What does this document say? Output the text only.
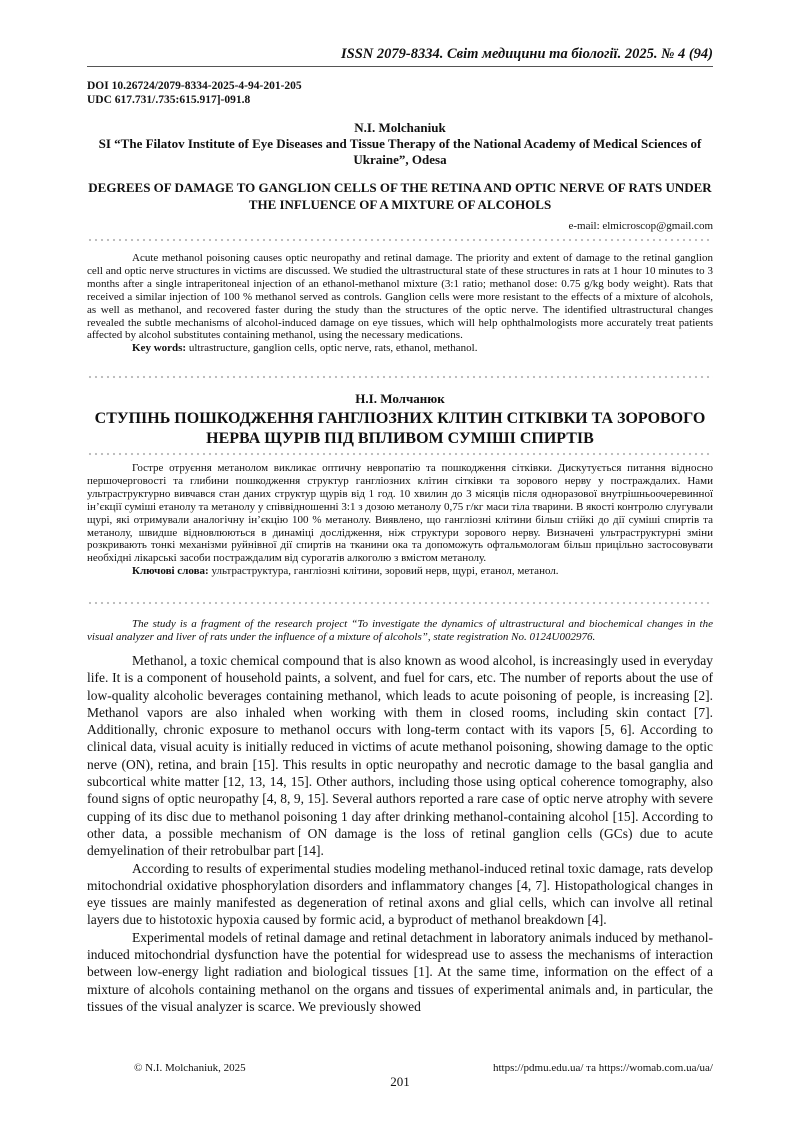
ISSN 2079-8334. Світ медицини та біології. 2025. № 4 (94)
DOI 10.26724/2079-8334-2025-4-94-201-205
UDC 617.731/.735:615.917]-091.8
N.I. Molchaniuk
SI “The Filatov Institute of Eye Diseases and Tissue Therapy of the National Academy of Medical Sciences of Ukraine”, Odesa
DEGREES OF DAMAGE TO GANGLION CELLS OF THE RETINA AND OPTIC NERVE OF RATS UNDER THE INFLUENCE OF A MIXTURE OF ALCOHOLS
e-mail: elmicroscop@gmail.com

Acute methanol poisoning causes optic neuropathy and retinal damage. The priority and extent of damage to the retinal ganglion cell and optic nerve structures in victims are discussed. We studied the ultrastructural state of these structures in rats at 1 hour 10 minutes to 3 months after a single intraperitoneal injection of an ethanol-methanol mixture (3:1 ratio; methanol dose: 0.75 g/kg body weight). Rats that received a similar injection of 100 % methanol served as controls. Ganglion cells were more resistant to the effects of a mixture of alcohols, as well as methanol, and recovered faster during the study than the structures of the optic nerve. The identified ultrastructural changes revealed the subtle mechanisms of alcohol-induced damage on eye tissues, which will help ophthalmologists more accurately treat patients affected by alcohol substitutes containing methanol, using the necessary medications.

Key words: ultrastructure, ganglion cells, optic nerve, rats, ethanol, methanol.

Н.І. Молчанюк
СТУПІНЬ ПОШКОДЖЕННЯ ГАНГЛІОЗНИХ КЛІТИН СІТКІВКИ ТА ЗОРОВОГО НЕРВА ЩУРІВ ПІД ВПЛИВОМ СУМІШІ СПИРТІВ

Гостре отруєння метанолом викликає оптичну невропатію та пошкодження сітківки. Дискутується питання відносно першочерговості та глибини пошкодження структур гангліозних клітин сітківки та зорового нерву у постраждалих. Нами ультраструктурно вивчався стан даних структур щурів від 1 год. 10 хвилин до 3 місяців після одноразової внутрішньоочеревинної ін’єкції суміші етанолу та метанолу у співвідношенні 3:1 з дозою метанолу 0,75 г/кг маси тіла тварини. В якості контролю слугували щурі, які отримували аналогічну ін’єкцію 100 % метанолу. Виявлено, що гангліозні клітини більш стійкі до дії суміші спиртів та метанолу, швидше відновлюються в динаміці дослідження, ніж структури зорового нерву. Визначені ультраструктурні зміни розкривають тонкі механізми руйнівної дії спиртів на тканини ока та допоможуть офтальмологам більш прицільно застосовувати необхідні лікарські засоби постраждалим від сурогатів алкоголю з вмістом метанолу.

Ключові слова: ультраструктура, гангліозні клітини, зоровий нерв, щурі, етанол, метанол.

The study is a fragment of the research project “To investigate the dynamics of ultrastructural and biochemical changes in the visual analyzer and liver of rats under the influence of a mixture of alcohols”, state registration No. 0124U002976.

Methanol, a toxic chemical compound that is also known as wood alcohol, is increasingly used in everyday life. It is a component of household paints, a solvent, and fuel for cars, etc. The number of reports about the use of low-quality alcoholic beverages containing methanol, which leads to acute poisoning of people, is increasing [2]. Methanol vapors are also inhaled when working with them in closed rooms, including skin contact [7]. Additionally, chronic exposure to methanol occurs with long-term contact with its vapors [5, 6]. According to clinical data, visual acuity is initially reduced in victims of acute methanol poisoning, showing damage to the optic nerve (ON), retina, and brain [15]. This results in optic neuropathy and necrotic damage to the basal ganglia and subcortical white matter [12, 13, 14, 15]. Other authors, including those using optical coherence tomography, also found signs of optic neuropathy [4, 8, 9, 15]. Several authors reported a rare case of optic nerve atrophy with severe cupping of its disc due to methanol poisoning 1 day after drinking methanol-containing alcohol [15]. According to other data, a possible mechanism of ON damage is the loss of retinal ganglion cells (GCs) due to acute demyelination of their retrobulbar part [14].

According to results of experimental studies modeling methanol-induced retinal toxic damage, rats develop mitochondrial oxidative phosphorylation disorders and inflammatory changes [4, 7]. Histopathological changes in eye tissues are mainly manifested as degeneration of retinal axons and glial cells, which can involve all retinal layers due to histotoxic hypoxia caused by formic acid, a byproduct of methanol breakdown [4].

Experimental models of retinal damage and retinal detachment in laboratory animals induced by methanol-induced mitochondrial dysfunction have the potential for widespread use to assess the mechanisms of interaction between low-energy light radiation and biological tissues [1]. At the same time, information on the effect of a mixture of alcohols containing methanol on the organs and tissues of experimental animals and, in particular, the tissues of the visual analyzer is scarce. We previously showed

© N.I. Molchaniuk, 2025	https://pdmu.edu.ua/ та https://womab.com.ua/ua/
201
